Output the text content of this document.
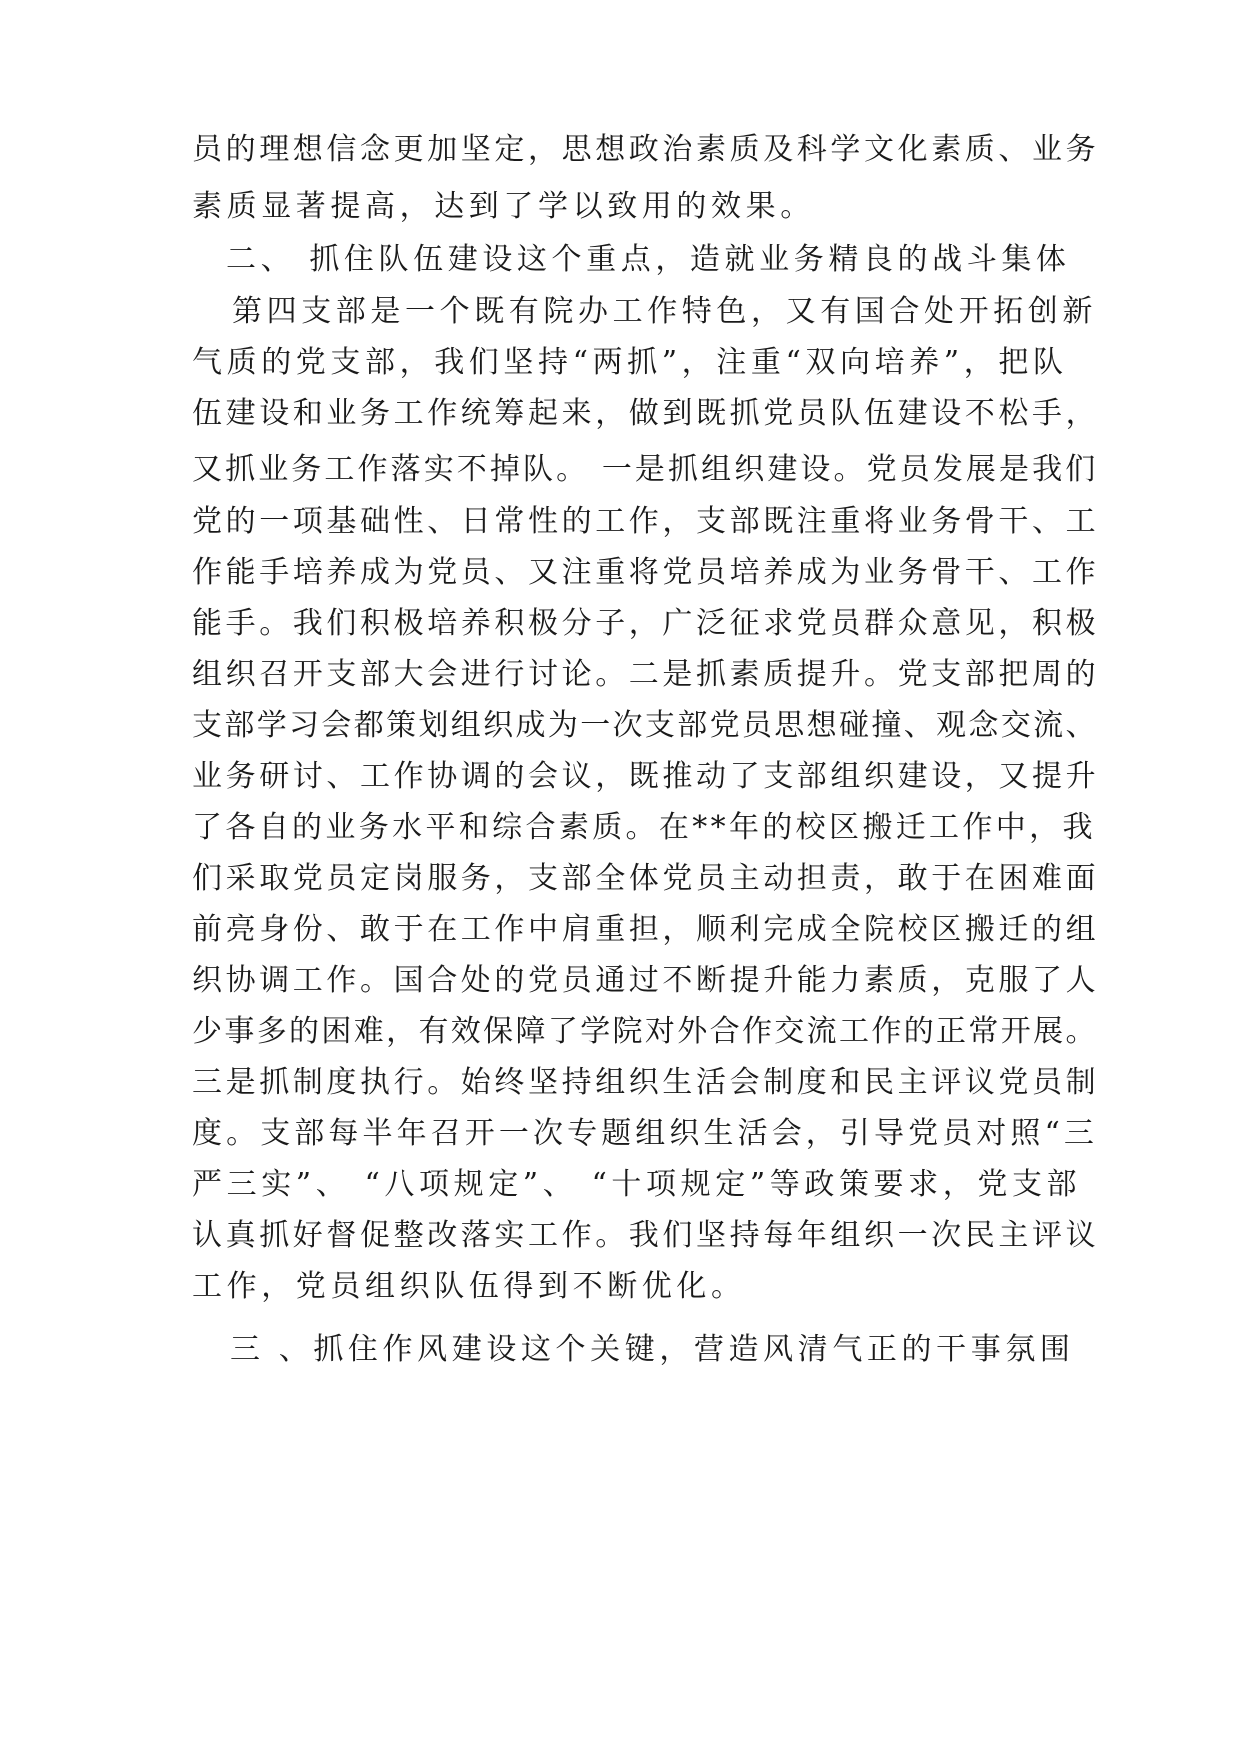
员的理想信念更加坚定，思想政治素质及科学文化素质、业务
素质显著提高，达到了学以致用的效果。
二、 抓住队伍建设这个重点，造就业务精良的战斗集体
第四支部是一个既有院办工作特色，又有国合处开拓创新
气质的党支部，我们坚持“两抓”，注重“双向培养”，把队
伍建设和业务工作统筹起来，做到既抓党员队伍建设不松手，
又抓业务工作落实不掉队。 一是抓组织建设。党员发展是我们
党的一项基础性、日常性的工作，支部既注重将业务骨干、工
作能手培养成为党员、又注重将党员培养成为业务骨干、工作
能手。我们积极培养积极分子，广泛征求党员群众意见，积极
组织召开支部大会进行讨论。二是抓素质提升。党支部把周的
支部学习会都策划组织成为一次支部党员思想碰撞、观念交流、
业务研讨、工作协调的会议，既推动了支部组织建设，又提升
了各自的业务水平和综合素质。在**年的校区搬迁工作中，我
们采取党员定岗服务，支部全体党员主动担责，敢于在困难面
前亮身份、敢于在工作中肩重担，顺利完成全院校区搬迁的组
织协调工作。国合处的党员通过不断提升能力素质，克服了人
少事多的困难，有效保障了学院对外合作交流工作的正常开展。
三是抓制度执行。始终坚持组织生活会制度和民主评议党员制
度。支部每半年召开一次专题组织生活会，引导党员对照“三
严三实”、 “八项规定”、 “十项规定”等政策要求，党支部
认真抓好督促整改落实工作。我们坚持每年组织一次民主评议
工作，党员组织队伍得到不断优化。
三 、抓住作风建设这个关键，营造风清气正的干事氛围
